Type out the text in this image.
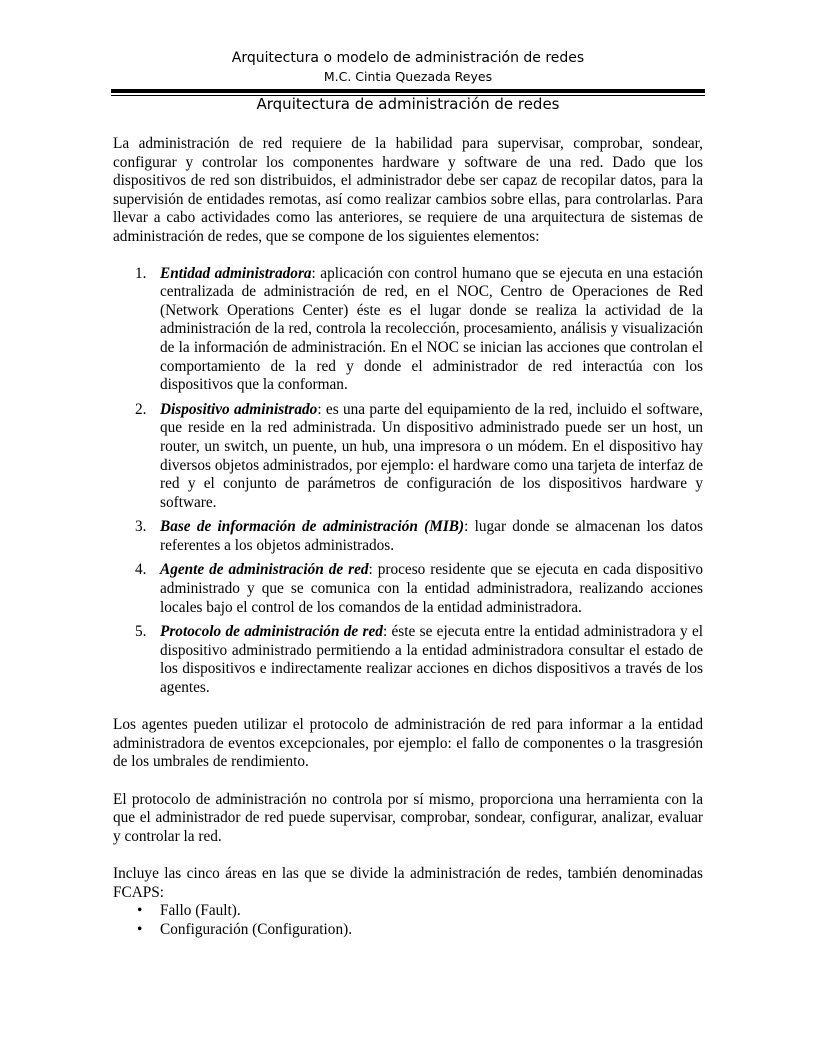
Arquitectura o modelo de administración de redes
M.C. Cintia Quezada Reyes
Arquitectura de administración de redes

La administración de red requiere de la habilidad para supervisar, comprobar, sondear, configurar y controlar los componentes hardware y software de una red. Dado que los dispositivos de red son distribuidos, el administrador debe ser capaz de recopilar datos, para la supervisión de entidades remotas, así como realizar cambios sobre ellas, para controlarlas. Para llevar a cabo actividades como las anteriores, se requiere de una arquitectura de sistemas de administración de redes, que se compone de los siguientes elementos:

1. Entidad administradora: aplicación con control humano que se ejecuta en una estación centralizada de administración de red, en el NOC, Centro de Operaciones de Red (Network Operations Center) éste es el lugar donde se realiza la actividad de la administración de la red, controla la recolección, procesamiento, análisis y visualización de la información de administración. En el NOC se inician las acciones que controlan el comportamiento de la red y donde el administrador de red interactúa con los dispositivos que la conforman.
2. Dispositivo administrado: es una parte del equipamiento de la red, incluido el software, que reside en la red administrada. Un dispositivo administrado puede ser un host, un router, un switch, un puente, un hub, una impresora o un módem. En el dispositivo hay diversos objetos administrados, por ejemplo: el hardware como una tarjeta de interfaz de red y el conjunto de parámetros de configuración de los dispositivos hardware y software.
3. Base de información de administración (MIB): lugar donde se almacenan los datos referentes a los objetos administrados.
4. Agente de administración de red: proceso residente que se ejecuta en cada dispositivo administrado y que se comunica con la entidad administradora, realizando acciones locales bajo el control de los comandos de la entidad administradora.
5. Protocolo de administración de red: éste se ejecuta entre la entidad administradora y el dispositivo administrado permitiendo a la entidad administradora consultar el estado de los dispositivos e indirectamente realizar acciones en dichos dispositivos a través de los agentes.

Los agentes pueden utilizar el protocolo de administración de red para informar a la entidad administradora de eventos excepcionales, por ejemplo: el fallo de componentes o la trasgresión de los umbrales de rendimiento.

El protocolo de administración no controla por sí mismo, proporciona una herramienta con la que el administrador de red puede supervisar, comprobar, sondear, configurar, analizar, evaluar y controlar la red.

Incluye las cinco áreas en las que se divide la administración de redes, también denominadas FCAPS:

• Fallo (Fault).
• Configuración (Configuration).
